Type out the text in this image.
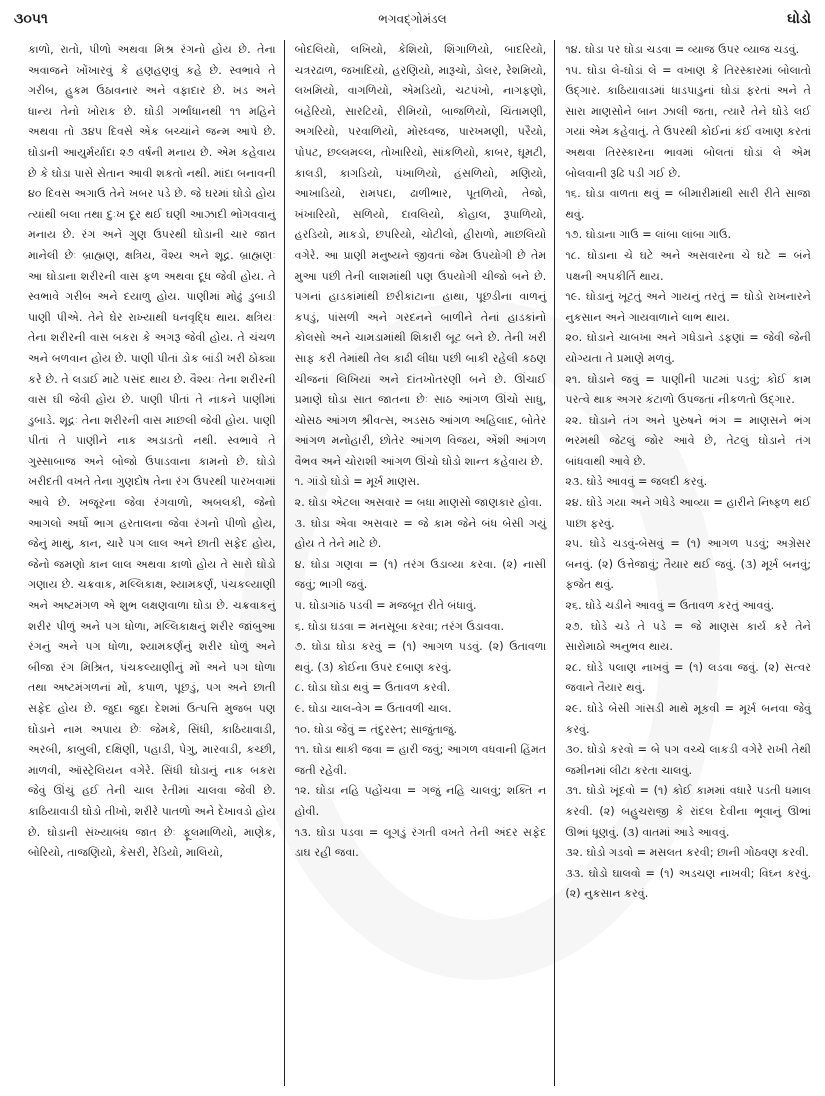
૩૦૫૧	ભગવદ્ગોમંડલ	ઘોડો

કાળો, રાતો, પીળો અથવા મિશ્ર રંગનો હોય છે. તેના અવાજને ખોંખારવું કે હણહણવું કહે છે. સ્વભાવે તે ગરીબ, હુકમ ઉઠાવનાર અને વફાદાર છે. ખડ અને ધાન્ય તેનો ખોરાક છે. ઘોડી ગર્ભાધાનથી ૧૧ મહિને અથવા તો ૩૪૫ દિવસે એક બચ્ચાંને જન્મ આપે છે. ઘોડાની આયુર્મર્યાદા ૨૭ વર્ષની મનાય છે. એમ કહેવાય છે કે ઘોડા પાસે સેતાન આવી શકતો નથી. માંદા બનાવની ૪૦ દિવસ અગાઉ તેને ખબર પડે છે. જે ઘરમાં ઘોડો હોય ત્યાંથી બલા તથા દુઃખ દૂર થઈ ઘણી આઝાદી ભોગવવાનું મનાય છે. રંગ અને ગુણ ઉપરથી ઘોડાની ચાર જાત માનેલી છેઃ બ્રાહ્મણ, ક્ષત્રિય, વૈશ્ય અને શૂદ્ર. બ્રાહ્મણઃ આ ઘોડાના શરીરની વાસ ફળ અથવા દૂધ જેવી હોય. તે સ્વભાવે ગરીબ અને દયાળુ હોય. પાણીમાં મોઢું ડુબાડી પાણી પીએ. તેને ઘેર રાખ્યાથી ધનવૃદ્ધિ થાય. ક્ષત્રિયઃ તેના શરીરની વાસ બકરા કે અગરૂ જેવી હોય. તે ચંચળ અને બળવાન હોય છે. પાણી પીતાં ડોક બાંડી ખરી ઠોક્યા કરે છે. તે લડાઈ માટે પસંદ થાય છે. વૈશ્યઃ તેના શરીરની વાસ ઘી જેવી હોય છે. પાણી પીતાં તે નાકને પાણીમાં ડુબાડે. શૂદ્રઃ તેના શરીરની વાસ માછલી જેવી હોય. પાણી પીતાં તે પાણીને નાક અડાડતો નથી. સ્વભાવે તે ગુસ્સાબાજ અને બોજો ઉપાડવાના કામનો છે. ઘોડો ખરીદતી વખતે તેના ગુણદોષ તેના રંગ ઉપરથી પારખવામાં આવે છે. ખજૂરના જેવા રંગવાળો, અબલકી, જેનો આગલો અર્ધો ભાગ હરતાલના જેવા રંગનો પીળો હોય, જેનું માથું, કાન, ચારે પગ લાલ અને છાતી સફેદ હોય, જેનો જમણો કાન લાલ અથવા કાળો હોય તે સારો ઘોડો ગણાય છે. ચક્રવાક, મલ્લિકાક્ષ, શ્યામકર્ણ, પંચકલ્યાણી અને અષ્ટમંગળ એ શુભ લક્ષણવાળા ઘોડા છે. ચક્રવાકનું શરીર પીળું અને પગ ધોળા, મલ્લિકાક્ષનું શરીર જાંબુઆ રંગનું અને પગ ધોળા, શ્યામકર્ણનું શરીર ધોળું અને બીજા રંગ મિશ્રિત, પંચકલ્યાણીનું મોં અને પગ ધોળા તથા અષ્ટમંગળનાં મોં, કપાળ, પૂછડું, પગ અને છાતી સફેદ હોય છે. જુદા જુદા દેશમાં ઉત્પત્તિ મુજબ પણ ઘોડાને નામ અપાય છેઃ જેમકે, સિંધી, કાઠિયાવાડી, અરબી, કાબુલી, દક્ષિણી, પહાડી, પેગુ, મારવાડી, કચ્છી, માળવી, ઑસ્ટ્રેલિયન વગેરે. સિંધી ઘોડાનું નાક બકરા જેવું ઊંચું હઈ તેની ચાલ રેતીમાં ચાલવા જેવી છે. કાઠિયાવાડી ઘોડો તીખો, શરીરે પાતળો અને દેખાવડો હોય છે. ઘોડાની સંખ્યાબંધ જાત છેઃ ફૂલમાળિયો, માણેક, બોરિયો, તાજણિયો, કેસરી, રેડિયો, માલિયો,

બોદલિયો, લખિયો, કેશિયો, શિંગાળિયો, બાદરિયો, ચત્રરઢાળ, જખાદિયો, હરણિયો, મારૂચો, ડોલર, રેશમિયો, લખમિયો, વાગળિયો, એમડિયો, ચટપંખો, નાગફણો, બહેરિયો, સારટિયો, રીમિયો, બાજળિયો, ચિંતામણી, અગરિયો, પરવાળિયો, મોરધ્વજ, પારખમણી, પરૈયો, પોપટ, છલ્લમલ્લ, તોખારિયો, સાંકળિયો, કાબર, ઘૂમટી, કાલડી, કાગડિયો, પંખાળિયો, હંસળિયો, મણિયો, આખાડિયો, રામપદા, ઢાળીભાર, પૂતળિયો, તેજો, ખંખારિયો, સળિયો, દાવલિયો, કોહાલ, રૂપાળિયો, હરડિયો, માકડો, છપરિયો, ચોટીલો, હીરાળો, માછલિયો વગેરે. આ પ્રાણી મનુષ્યને જીવતાં જેમ ઉપયોગી છે તેમ મુઆ પછી તેની લાશમાંથી પણ ઉપયોગી ચીજો બને છે. પગનાં હાડકાંમાંથી છરીકાંટાના હાથા, પૂછડીના વાળનું કપડું, પાંસળી અને ગરદનને બાળીને તેનાં હાડકાંનો કોલસો અને ચામડામાંથી શિકારી બૂટ બને છે. તેની ખરી સાફ કરી તેમાંથી તેલ કાઢી લીધા પછી બાકી રહેલી કઠણ ચીજનાં લિખિયાં અને દાંતખોતરણી બને છે. ઊંચાઈ પ્રમાણે ઘોડા સાત જાતના છેઃ સાઠ આંગળ ઊંચો સાધુ, ચોસઠ આંગળ શ્રીવત્સ, અડસઠ આંગળ અહિલાદ, બોતેર આંગળ મનોહારી, છોતેર આંગળ વિજય, એંશી આંગળ વૈભવ અને ચોરાશી આંગળ ઊંચો ઘોડો શાન્ત કહેવાય છે.

૧. ગાંડો ઘોડો = મૂર્ખ માણસ.

૨. ઘોડા એટલા અસવાર = બધા માણસો જાણકાર હોવા.

૩. ઘોડા એવા અસવાર = જે કામ જેને બંધ બેસી ગયું હોય તે તેને માટે છે.

૪. ઘોડા ગણવા = (૧) તરંગ ઉડાવ્યા કરવા. (૨) નાસી જવું; ભાગી જવું.

૫. ઘોડાગાંઠ પડવી = મજબૂત રીતે બંધાવું.

૬. ઘોડા ઘડવા = મનસૂબા કરવા; તરંગ ઉડાવવા.

૭. ઘોડા ઘોડા કરવું = (૧) આગળ પડવું. (૨) ઉતાવળા થવું. (૩) કોઈના ઉપર દબાણ કરવું.

૮. ઘોડા ઘોડા થવું = ઉતાવળ કરવી.

૯. ઘોડા ચાલ-વેગ = ઉતાવળી ચાલ.

૧૦. ઘોડા જેવું = તંદુરસ્ત; સાજુંતાજું.

૧૧. ઘોડા થાકી જવા = હારી જવું; આગળ વધવાની હિંમત જતી રહેવી.

૧૨. ઘોડા નહિ પહોંચવા = ગજું નહિ ચાલવું; શક્તિ ન હોવી.

૧૩. ઘોડા પડવા = લૂગડું રંગતી વખતે તેની અંદર સફેદ ડાઘ રહી જવા.

૧૪. ઘોડા પર ઘોડા ચડવા = વ્યાજ ઉપર વ્યાજ ચડવું.

૧૫. ઘોડા લે-ઘોડાં લે = વખાણ કે તિરસ્કારમાં બોલાતો ઉદ્ગાર. કાઠિયાવાડમાં ધાડપાડુનાં ઘોડાં ફરતાં અને તે સારા માણસોને બાન ઝાલી જતા, ત્યારે તેને ઘોડે લઈ ગયાં એમ કહેવાતું. તે ઉપરથી કોઈનાં કંઈ વખાણ કરતાં અથવા તિરસ્કારના ભાવમાં બોલતાં ઘોડાં લે એમ બોલવાની રૂઢિ પડી ગઈ છે.

૧૬. ઘોડા વાળતા થવું = બીમારીમાંથી સારી રીતે સાજા થવું.

૧૭. ઘોડાના ગાઉ = લાંબા લાંબા ગાઉ.

૧૮. ઘોડાના ચે ઘટે અને અસવારના ચે ઘટે = બંને પક્ષની અપકીર્તિ થાય.

૧૯. ઘોડાનું ખૂટતું અને ગાયનું તરતું = ઘોડો રાખનારને નુકસાન અને ગાયવાળાને લાભ થાય.

૨૦. ઘોડાને ચાબખા અને ગધેડાને ડફણાં = જેવી જેની યોગ્યતા તે પ્રમાણે મળવું.

૨૧. ઘોડાને જવું = પાણીની પાટમાં પડવું; કોઈ કામ પરત્વે થાક અગર કંટાળો ઉપજતાં નીકળતો ઉદ્ગાર.

૨૨. ઘોડાને તંગ અને પુરુષને ભંગ = માણસને ભંગ ભરમથી જેટલું જોર આવે છે, તેટલું ઘોડાને તંગ બાંધવાથી આવે છે.

૨૩. ઘોડે આવવું = જલદી કરવું.

૨૪. ઘોડે ગયા અને ગધેડે આવ્યા = હારીને નિષ્ફળ થઈ પાછા ફરવું.

૨૫. ઘોડે ચડવું-બેસવું = (૧) આગળ પડવું; અગ્રેસર બનવું. (૨) ઉત્તેજાવું; તૈયાર થઈ જવું. (૩) મૂર્ખ બનવું; ફજેત થવું.

૨૬. ઘોડે ચડીને આવવું = ઉતાવળ કરતું આવવું.

૨૭. ઘોડે ચડે તે પડે = જે માણસ કાર્ય કરે તેને સારોમાઠો અનુભવ થાય.

૨૮. ઘોડે પલાણ નાખવું = (૧) લડવા જવું. (૨) સત્વર જવાને તૈયાર થવું.

૨૯. ઘોડે બેસી ગાંસડી માથે મૂકવી = મૂર્ખ બનવા જેવું કરવું.

૩૦. ઘોડો કરવો = બે પગ વચ્ચે લાકડી વગેરે રાખી તેથી જમીનમાં લીટા કરતા ચાલવું.

૩૧. ઘોડો ખૂંદવો = (૧) કોઈ કામમાં વધારે પડતી ધમાલ કરવી. (૨) બહુચરાજી કે રાંદલ દેવીના ભૂવાનું ઊભાં ઊભાં ધૂણવું. (૩) વાતમાં આડે આવવું.

૩૨. ઘોડો ગડવો = મસલત કરવી; છાની ગોઠવણ કરવી.

૩૩. ઘોડો ઘાલવો = (૧) અડચણ નાખવી; વિઘ્ન કરવું. (૨) નુકસાન કરવું.
